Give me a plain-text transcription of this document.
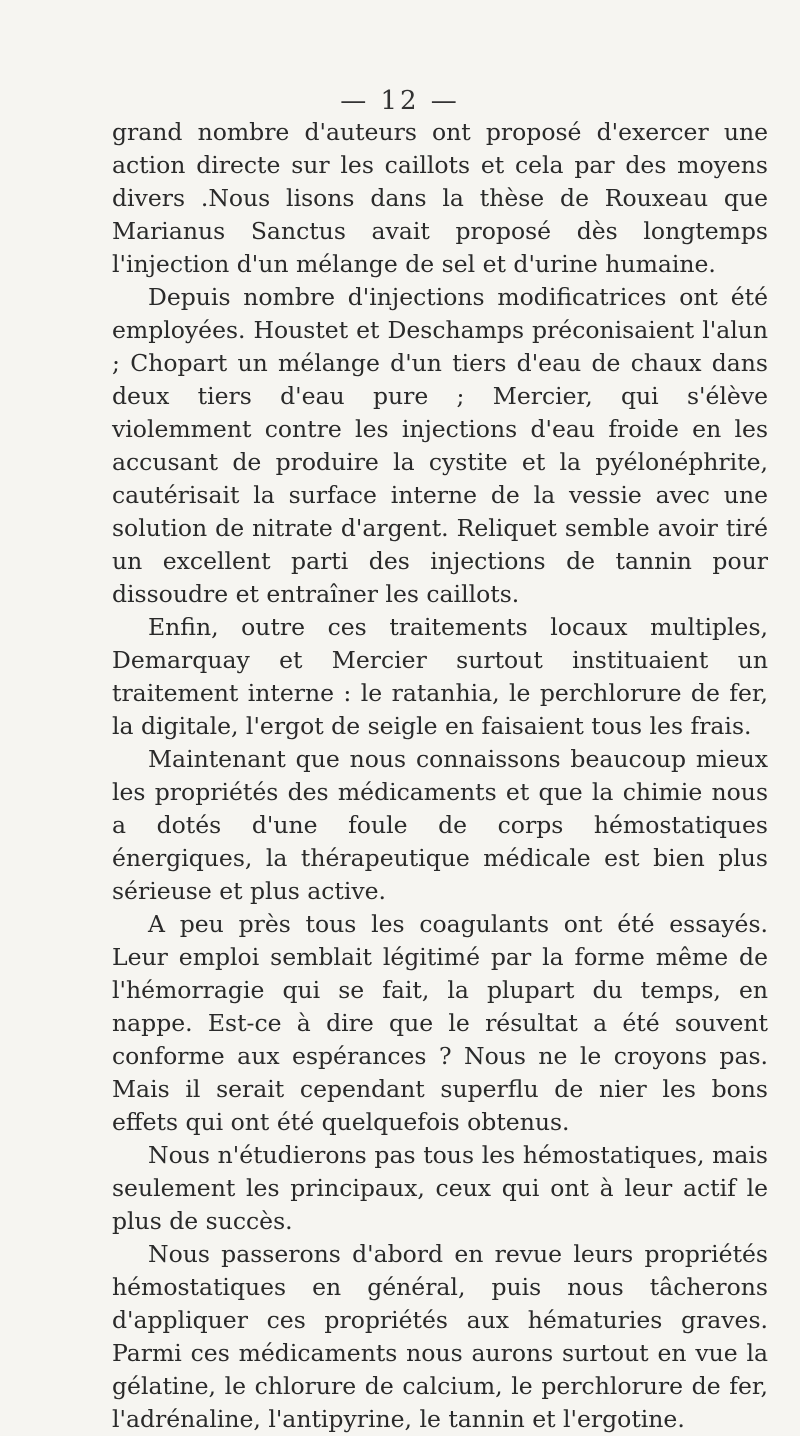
— 12 —

grand nombre d'auteurs ont proposé d'exercer une action directe sur les caillots et cela par des moyens divers .Nous lisons dans la thèse de Rouxeau que Marianus Sanctus avait proposé dès longtemps l'injection d'un mélange de sel et d'urine humaine.

Depuis nombre d'injections modificatrices ont été employées. Houstet et Deschamps préconisaient l'alun ; Chopart un mélange d'un tiers d'eau de chaux dans deux tiers d'eau pure ; Mercier, qui s'élève violemment contre les injections d'eau froide en les accusant de produire la cystite et la pyélonéphrite, cautérisait la surface interne de la vessie avec une solution de nitrate d'argent. Reliquet semble avoir tiré un excellent parti des injections de tannin pour dissoudre et entraîner les caillots.

Enfin, outre ces traitements locaux multiples, Demarquay et Mercier surtout instituaient un traitement interne : le ratanhia, le perchlorure de fer, la digitale, l'ergot de seigle en faisaient tous les frais.

Maintenant que nous connaissons beaucoup mieux les propriétés des médicaments et que la chimie nous a dotés d'une foule de corps hémostatiques énergiques, la thérapeutique médicale est bien plus sérieuse et plus active.

A peu près tous les coagulants ont été essayés. Leur emploi semblait légitimé par la forme même de l'hémorragie qui se fait, la plupart du temps, en nappe. Est-ce à dire que le résultat a été souvent conforme aux espérances ? Nous ne le croyons pas. Mais il serait cependant superflu de nier les bons effets qui ont été quelquefois obtenus.

Nous n'étudierons pas tous les hémostatiques, mais seulement les principaux, ceux qui ont à leur actif le plus de succès.

Nous passerons d'abord en revue leurs propriétés hémostatiques en général, puis nous tâcherons d'appliquer ces propriétés aux hématuries graves. Parmi ces médicaments nous aurons surtout en vue la gélatine, le chlorure de calcium, le perchlorure de fer, l'adrénaline, l'antipyrine, le tannin et l'ergotine.
